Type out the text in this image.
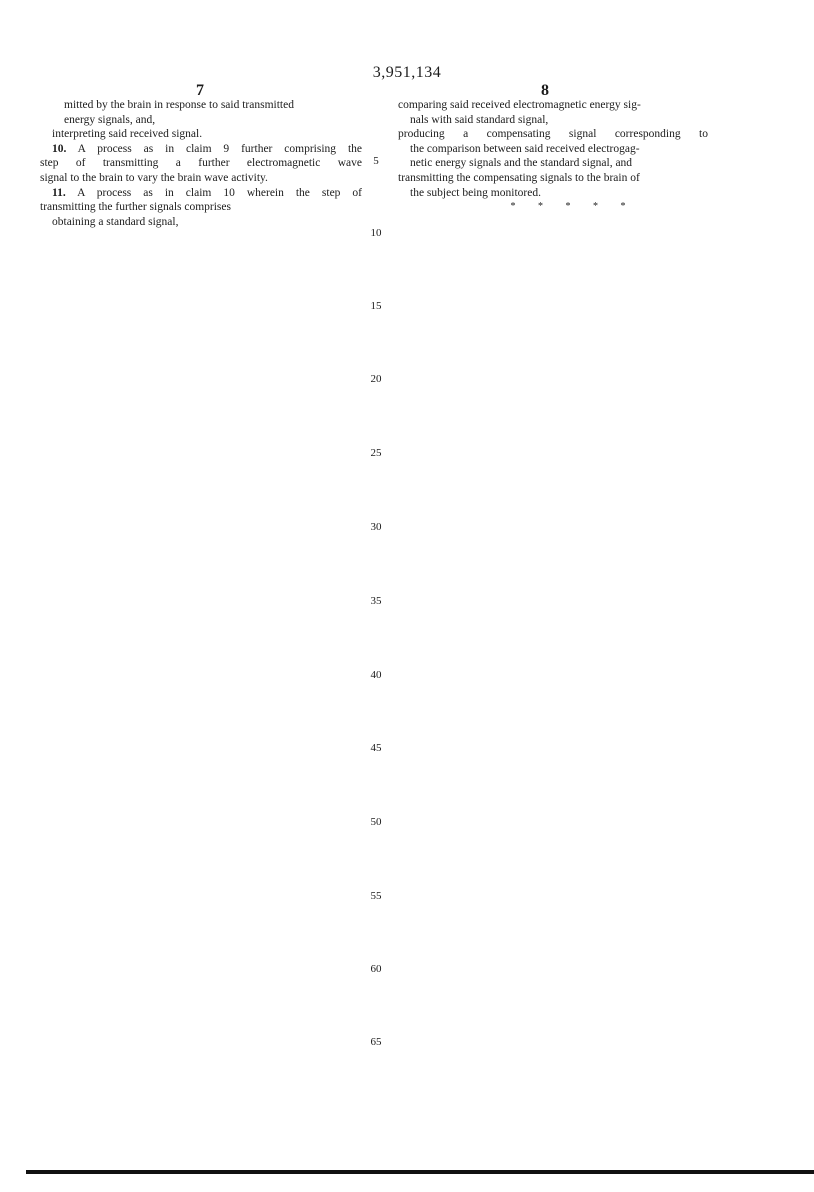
3,951,134
7	8
mitted by the brain in response to said transmitted
energy signals, and,
interpreting said received signal.
10. A process as in claim 9 further comprising the
step of transmitting a further electromagnetic wave
signal to the brain to vary the brain wave activity.
11. A process as in claim 10 wherein the step of
transmitting the further signals comprises
obtaining a standard signal,
comparing said received electromagnetic energy sig-
nals with said standard signal,
producing a compensating signal corresponding to
the comparison between said received electrogag-
netic energy signals and the standard signal, and
transmitting the compensating signals to the brain of
the subject being monitored.
* * * * *
5
10
15
20
25
30
35
40
45
50
55
60
65
